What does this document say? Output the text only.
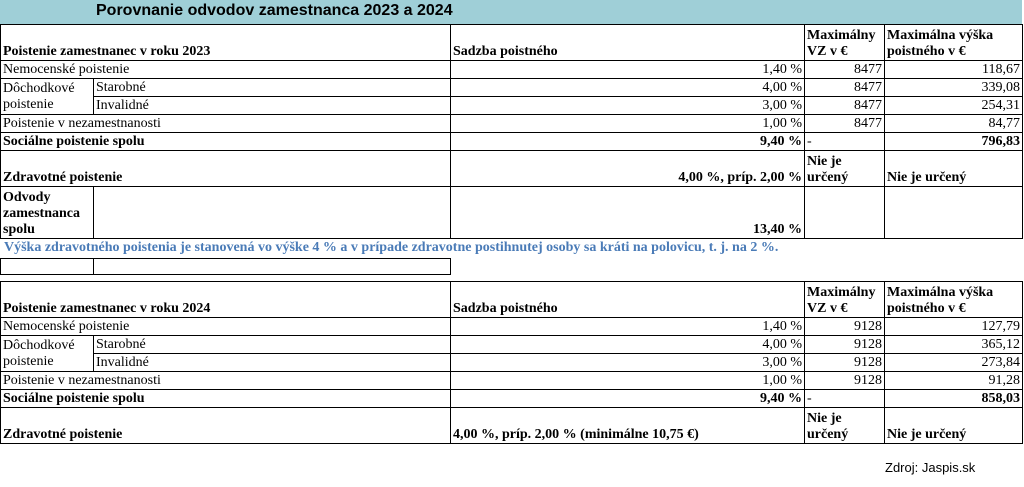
Porovnanie odvodov zamestnanca 2023 a 2024
Poistenie zamestnanec v roku 2023		Sadzba poistného	Maximálny VZ v €	Maximálna výška poistného v €
Nemocenské poistenie		1,40 %	8477	118,67
Dôchodkové poistenie	Starobné	4,00 %	8477	339,08
	Invalidné	3,00 %	8477	254,31
Poistenie v nezamestnanosti		1,00 %	8477	84,77
Sociálne poistenie spolu		9,40 %	-	796,83
Zdravotné poistenie		4,00 %, príp. 2,00 %	Nie je určený	Nie je určený
Odvody zamestnanca spolu		13,40 %		
Výška zdravotného poistenia je stanovená vo výške 4 % a v prípade zdravotne postihnutej osoby sa kráti na polovicu, t. j. na 2 %.

Poistenie zamestnanec v roku 2024		Sadzba poistného	Maximálny VZ v €	Maximálna výška poistného v €
Nemocenské poistenie		1,40 %	9128	127,79
Dôchodkové poistenie	Starobné	4,00 %	9128	365,12
	Invalidné	3,00 %	9128	273,84
Poistenie v nezamestnanosti		1,00 %	9128	91,28
Sociálne poistenie spolu		9,40 %	-	858,03
Zdravotné poistenie		4,00 %, príp. 2,00 % (minimálne 10,75 €)	Nie je určený	Nie je určený
Zdroj: Jaspis.sk
